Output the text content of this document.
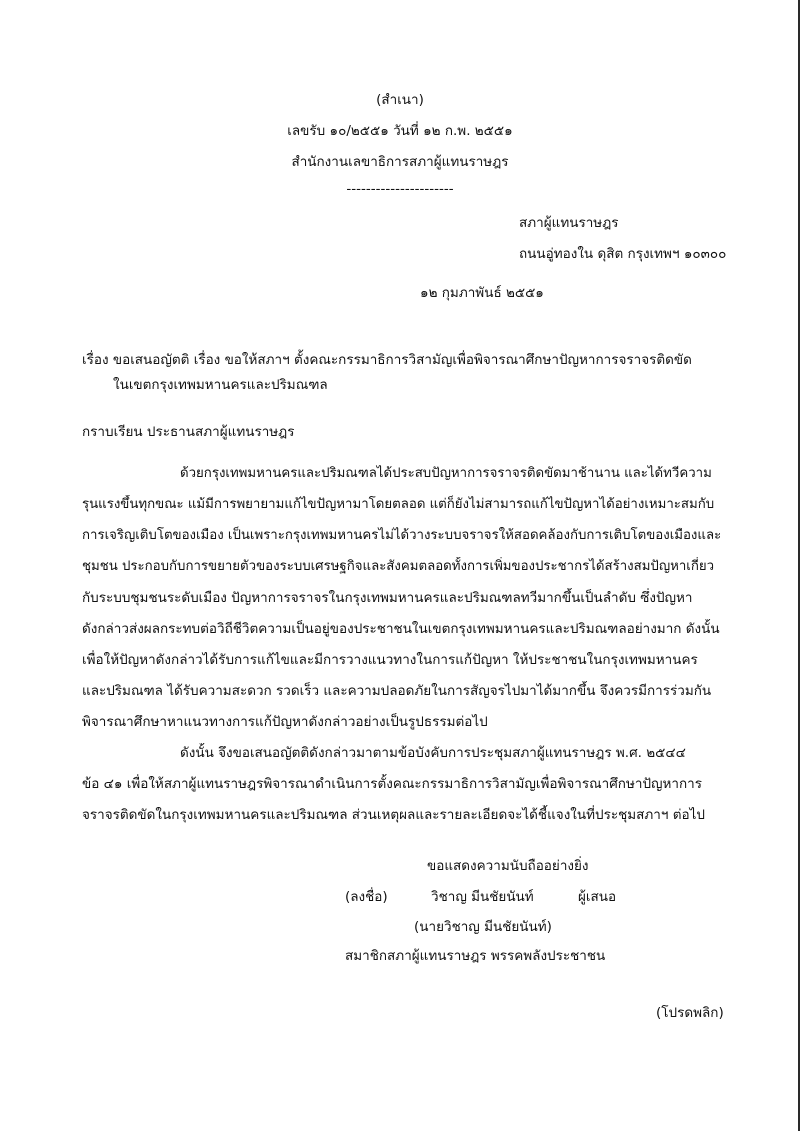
(สำเนา)
เลขรับ ๑๐/๒๕๕๑ วันที่ ๑๒ ก.พ. ๒๕๕๑
สำนักงานเลขาธิการสภาผู้แทนราษฎร
----------------------
สภาผู้แทนราษฎร
ถนนอู่ทองใน ดุสิต กรุงเทพฯ ๑๐๓๐๐
๑๒ กุมภาพันธ์ ๒๕๕๑
เรื่อง ขอเสนอญัตติ เรื่อง ขอให้สภาฯ ตั้งคณะกรรมาธิการวิสามัญเพื่อพิจารณาศึกษาปัญหาการจราจรติดขัด
ในเขตกรุงเทพมหานครและปริมณฑล
กราบเรียน ประธานสภาผู้แทนราษฎร
ด้วยกรุงเทพมหานครและปริมณฑลได้ประสบปัญหาการจราจรติดขัดมาช้านาน และได้ทวีความ
รุนแรงขึ้นทุกขณะ แม้มีการพยายามแก้ไขปัญหามาโดยตลอด แต่ก็ยังไม่สามารถแก้ไขปัญหาได้อย่างเหมาะสมกับ
การเจริญเติบโตของเมือง เป็นเพราะกรุงเทพมหานครไม่ได้วางระบบจราจรให้สอดคล้องกับการเติบโตของเมืองและ
ชุมชน ประกอบกับการขยายตัวของระบบเศรษฐกิจและสังคมตลอดทั้งการเพิ่มของประชากรได้สร้างสมปัญหาเกี่ยว
กับระบบชุมชนระดับเมือง ปัญหาการจราจรในกรุงเทพมหานครและปริมณฑลทวีมากขึ้นเป็นลำดับ ซึ่งปัญหา
ดังกล่าวส่งผลกระทบต่อวิถีชีวิตความเป็นอยู่ของประชาชนในเขตกรุงเทพมหานครและปริมณฑลอย่างมาก ดังนั้น
เพื่อให้ปัญหาดังกล่าวได้รับการแก้ไขและมีการวางแนวทางในการแก้ปัญหา ให้ประชาชนในกรุงเทพมหานคร
และปริมณฑล ได้รับความสะดวก รวดเร็ว และความปลอดภัยในการสัญจรไปมาได้มากขึ้น จึงควรมีการร่วมกัน
พิจารณาศึกษาหาแนวทางการแก้ปัญหาดังกล่าวอย่างเป็นรูปธรรมต่อไป
ดังนั้น จึงขอเสนอญัตติดังกล่าวมาตามข้อบังคับการประชุมสภาผู้แทนราษฎร พ.ศ. ๒๕๔๔
ข้อ ๔๑ เพื่อให้สภาผู้แทนราษฎรพิจารณาดำเนินการตั้งคณะกรรมาธิการวิสามัญเพื่อพิจารณาศึกษาปัญหาการ
จราจรติดขัดในกรุงเทพมหานครและปริมณฑล ส่วนเหตุผลและรายละเอียดจะได้ชี้แจงในที่ประชุมสภาฯ ต่อไป
ขอแสดงความนับถืออย่างยิ่ง
(ลงชื่อ)	วิชาญ มีนชัยนันท์	ผู้เสนอ
(นายวิชาญ มีนชัยนันท์)
สมาชิกสภาผู้แทนราษฎร พรรคพลังประชาชน
(โปรดพลิก)
